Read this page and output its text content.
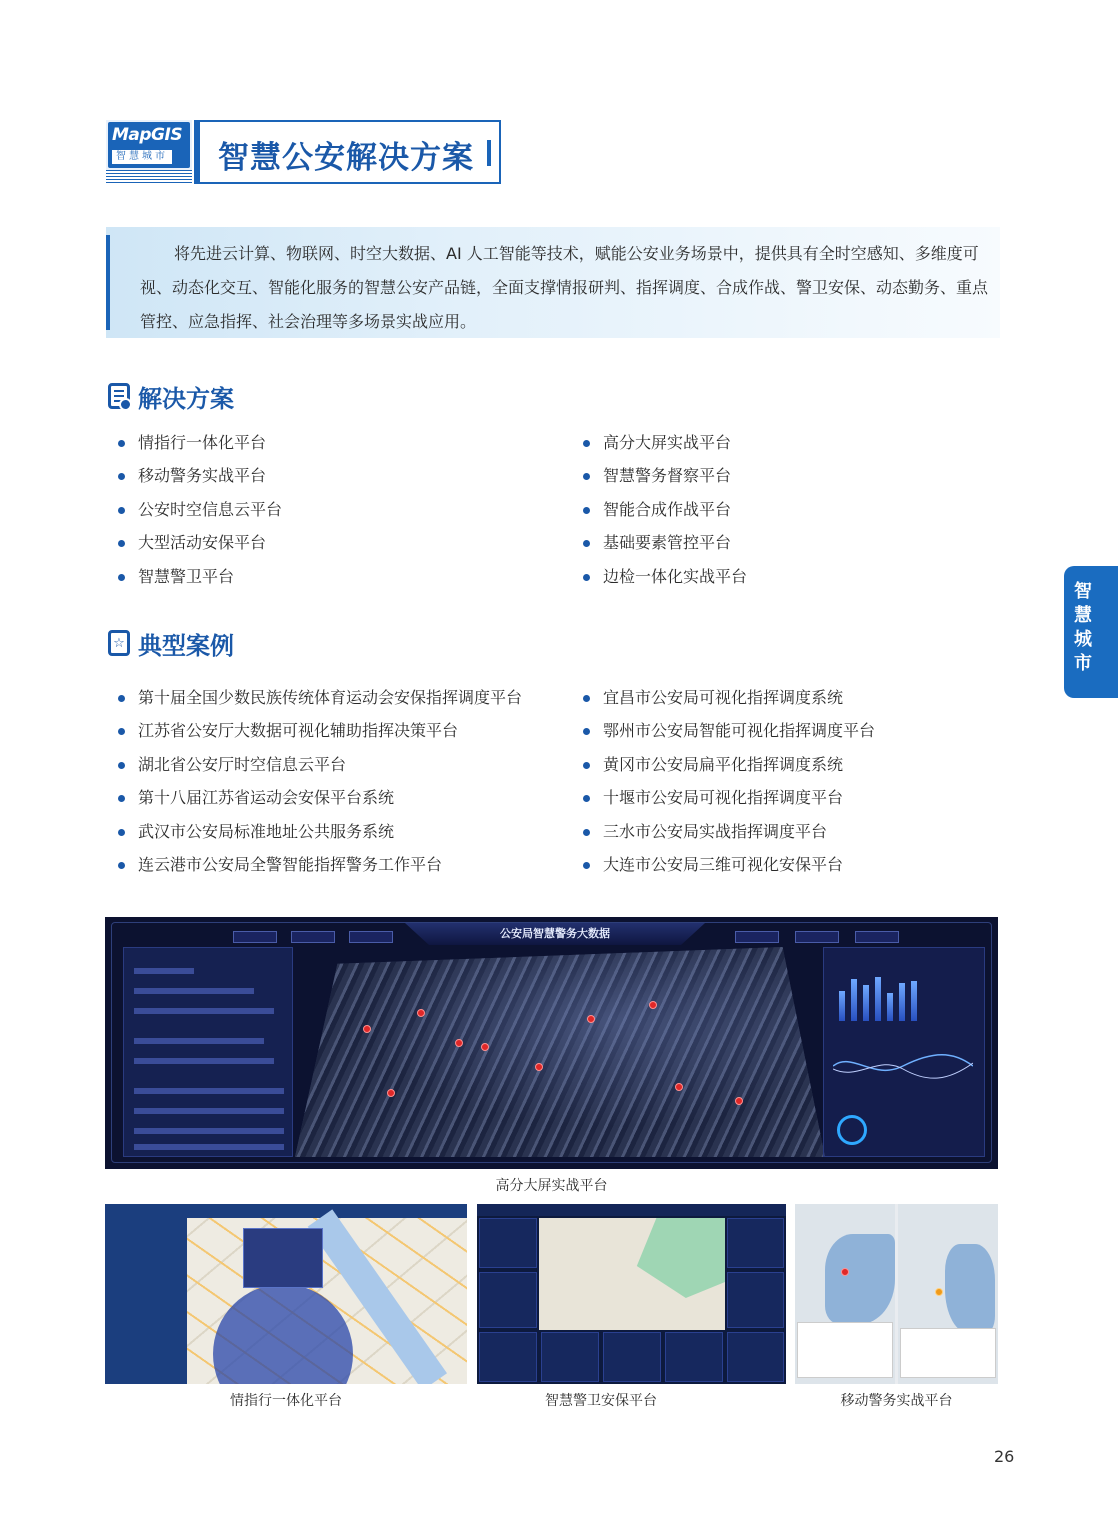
MapGIS
智慧城市 智慧公安解决方案

将先进云计算、物联网、时空大数据、AI 人工智能等技术，赋能公安业务场景中，提供具有全时空感知、多维度可视、动态化交互、智能化服务的智慧公安产品链，全面支撑情报研判、指挥调度、合成作战、警卫安保、动态勤务、重点管控、应急指挥、社会治理等多场景实战应用。

解决方案
情指行一体化平台
移动警务实战平台
公安时空信息云平台
大型活动安保平台
智慧警卫平台
高分大屏实战平台
智慧警务督察平台
智能合成作战平台
基础要素管控平台
边检一体化实战平台
☆ 典型案例
第十届全国少数民族传统体育运动会安保指挥调度平台
江苏省公安厅大数据可视化辅助指挥决策平台
湖北省公安厅时空信息云平台
第十八届江苏省运动会安保平台系统
武汉市公安局标准地址公共服务系统
连云港市公安局全警智能指挥警务工作平台
宜昌市公安局可视化指挥调度系统
鄂州市公安局智能可视化指挥调度平台
黄冈市公安局扁平化指挥调度系统
十堰市公安局可视化指挥调度平台
三水市公安局实战指挥调度平台
大连市公安局三维可视化安保平台
智
慧
城
市
公安局智慧警务大数据
高分大屏实战平台
情指行一体化平台	智慧警卫安保平台	移动警务实战平台
26
